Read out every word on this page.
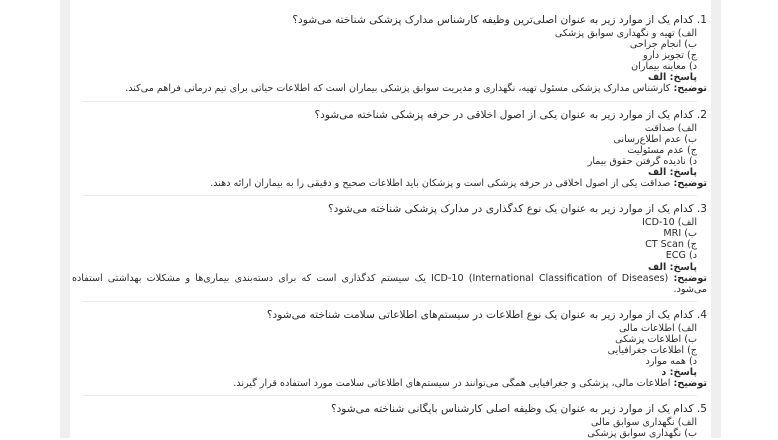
1. کدام یک از موارد زیر به عنوان اصلی‌ترین وظیفه کارشناس مدارک پزشکی شناخته می‌شود؟
الف) تهیه و نگهداری سوابق پزشکی
ب) انجام جراحی
ج) تجویز دارو
د) معاینه بیماران
پاسخ: الف
توضیح: کارشناس مدارک پزشکی مسئول تهیه، نگهداری و مدیریت سوابق پزشکی بیماران است که اطلاعات حیاتی برای تیم درمانی فراهم می‌کند.
2. کدام یک از موارد زیر به عنوان یکی از اصول اخلاقی در حرفه پزشکی شناخته می‌شود؟
الف) صداقت
ب) عدم اطلاع‌رسانی
ج) عدم مسئولیت
د) نادیده گرفتن حقوق بیمار
پاسخ: الف
توضیح: صداقت یکی از اصول اخلاقی در حرفه پزشکی است و پزشکان باید اطلاعات صحیح و دقیقی را به بیماران ارائه دهند.
3. کدام یک از موارد زیر به عنوان یک نوع کدگذاری در مدارک پزشکی شناخته می‌شود؟
الف) ICD-10
ب) MRI
ج) CT Scan
د) ECG
پاسخ: الف
توضیح: ICD-10 (International Classification of Diseases) یک سیستم کدگذاری است که برای دسته‌بندی بیماری‌ها و مشکلات بهداشتی استفاده می‌شود.
4. کدام یک از موارد زیر به عنوان یک نوع اطلاعات در سیستم‌های اطلاعاتی سلامت شناخته می‌شود؟
الف) اطلاعات مالی
ب) اطلاعات پزشکی
ج) اطلاعات جغرافیایی
د) همه موارد
پاسخ: د
توضیح: اطلاعات مالی، پزشکی و جغرافیایی همگی می‌توانند در سیستم‌های اطلاعاتی سلامت مورد استفاده قرار گیرند.
5. کدام یک از موارد زیر به عنوان یک وظیفه اصلی کارشناس بایگانی شناخته می‌شود؟
الف) نگهداری سوابق مالی
ب) نگهداری سوابق پزشکی
